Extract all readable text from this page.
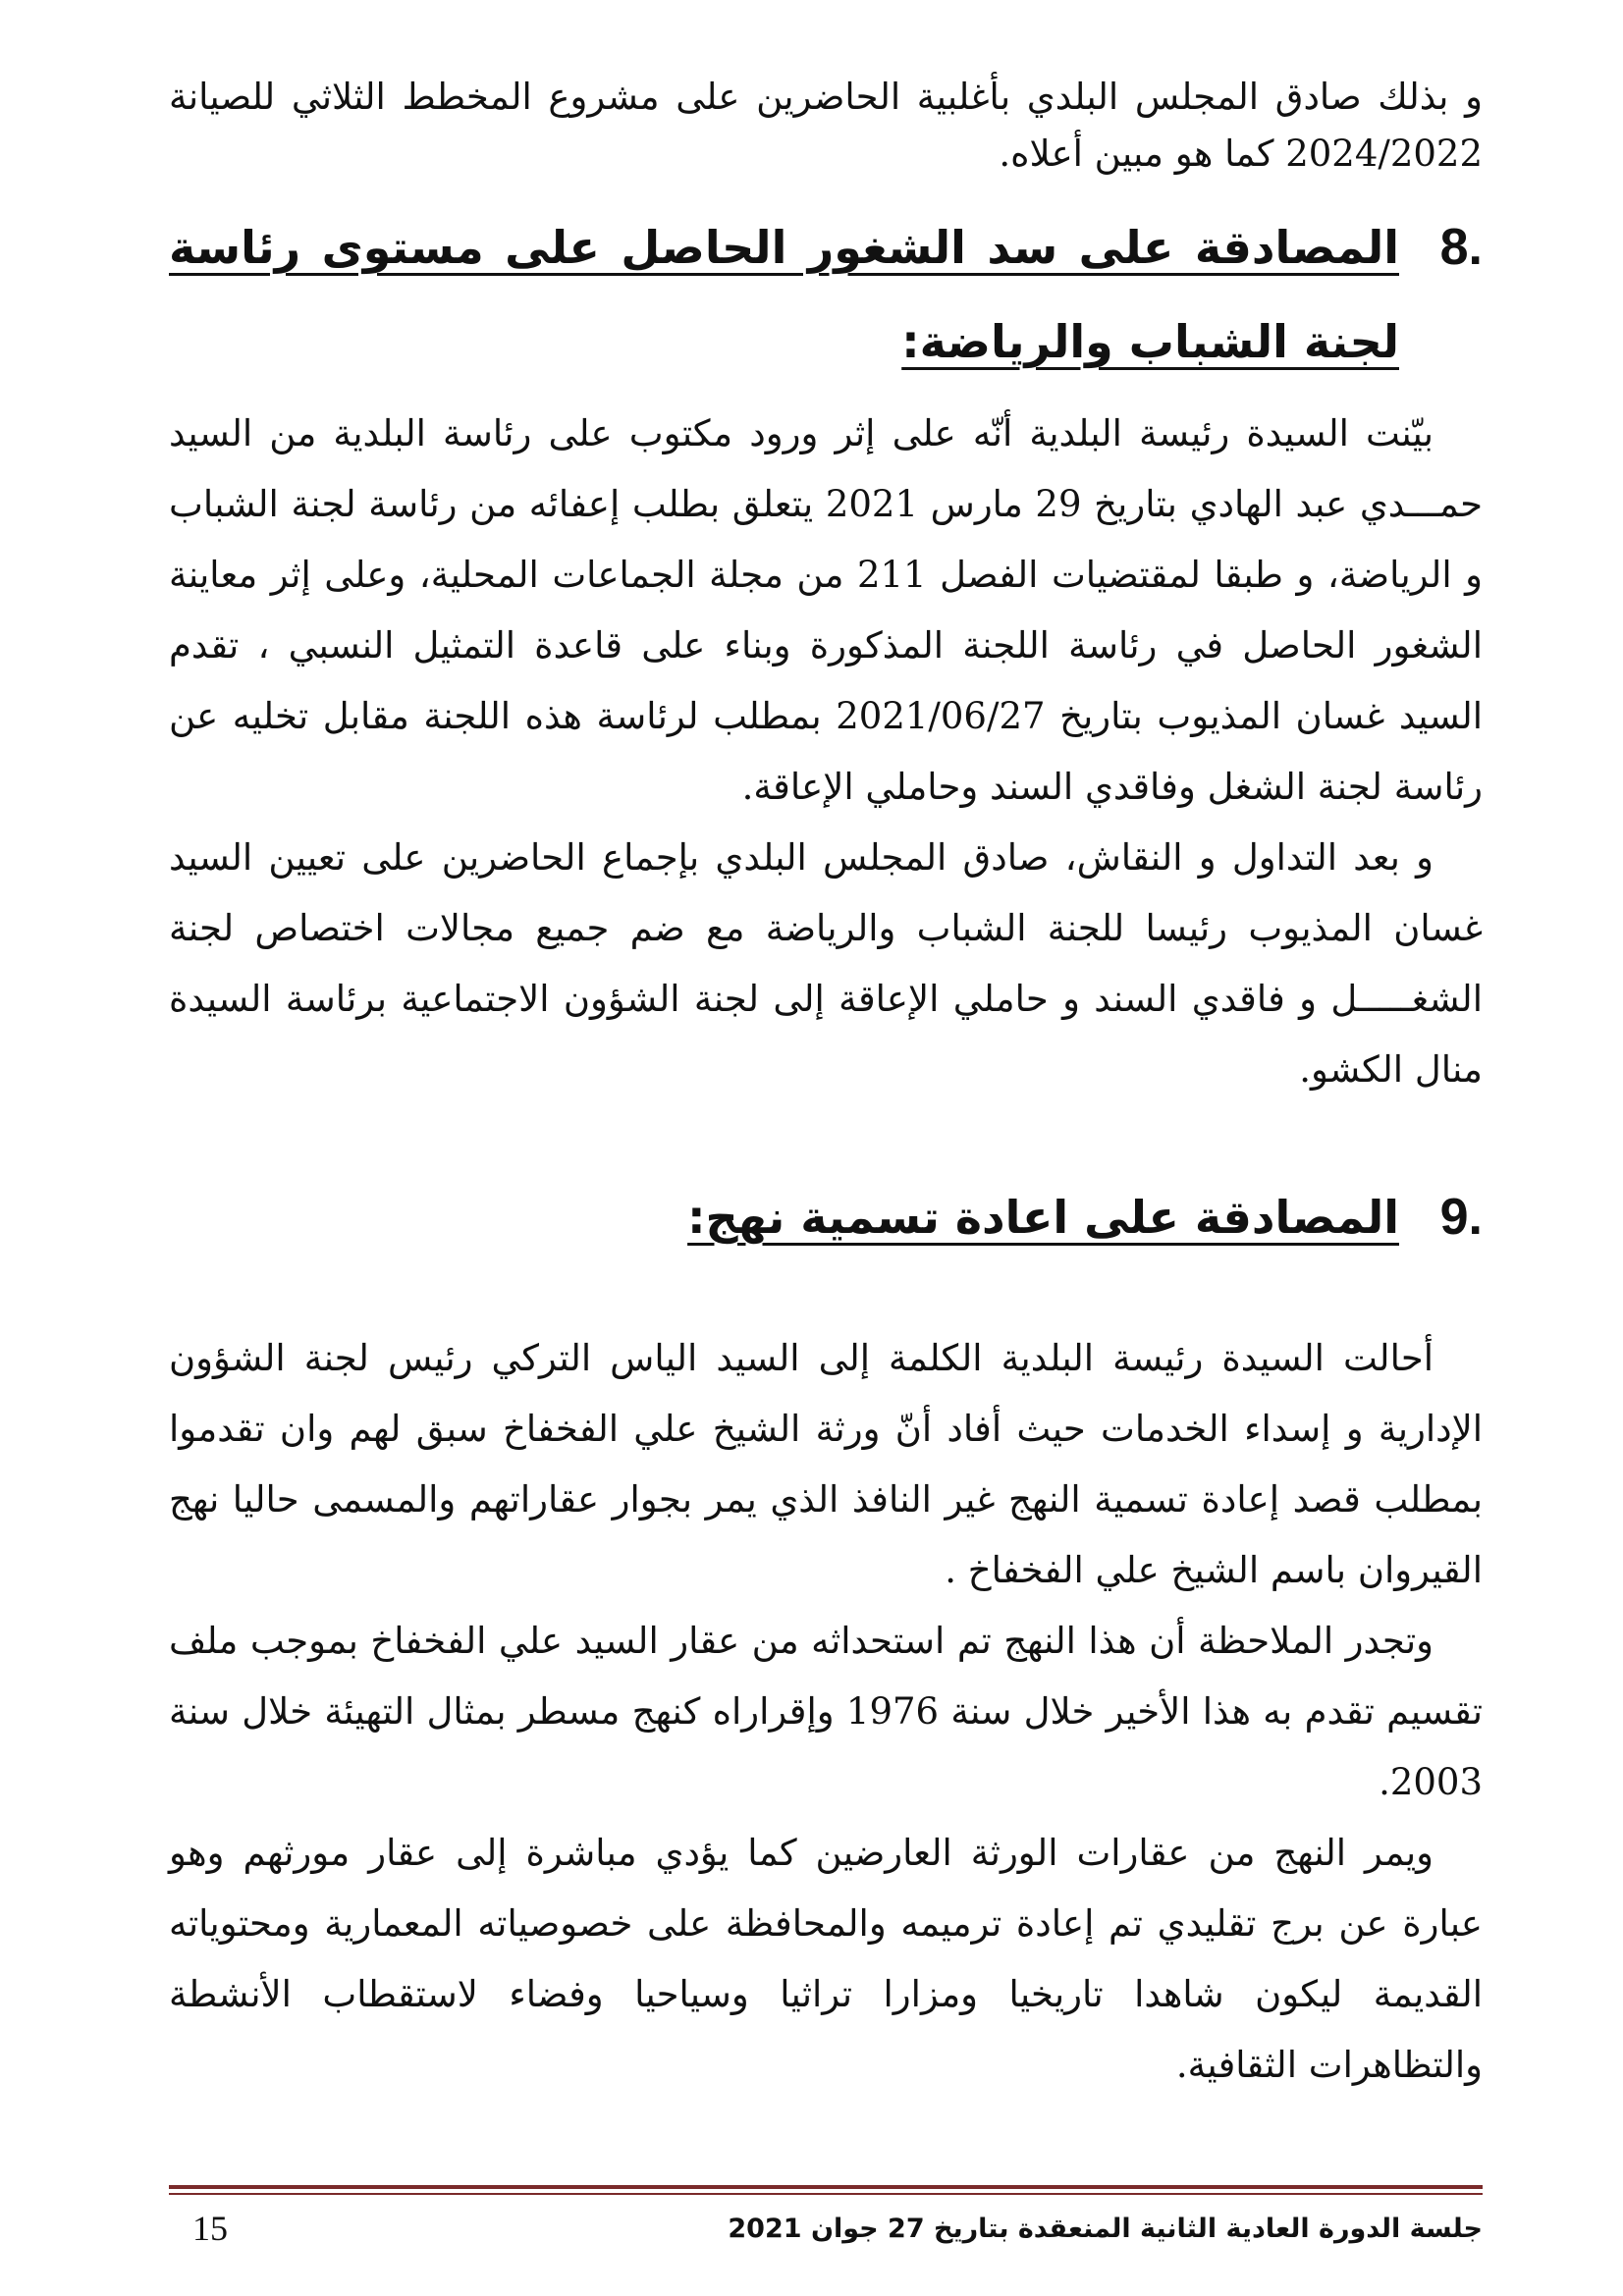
و بذلك صادق المجلس البلدي بأغلبية الحاضرين على مشروع المخطط الثلاثي للصيانة 2024/2022 كما هو مبين أعلاه.

8.
المصادقة على سد الشغور الحاصل على مستوى رئاسة لجنة الشباب والرياضة:

بيّنت السيدة رئيسة البلدية أنّه على إثر ورود مكتوب على رئاسة البلدية من السيد حمـــدي عبد الهادي بتاريخ 29 مارس 2021 يتعلق بطلب إعفائه من رئاسة لجنة الشباب و الرياضة، و طبقا لمقتضيات الفصل 211 من مجلة الجماعات المحلية، وعلى إثر معاينة الشغور الحاصل في رئاسة اللجنة المذكورة وبناء على قاعدة التمثيل النسبي ، تقدم السيد غسان المذيوب بتاريخ 2021/06/27 بمطلب لرئاسة هذه اللجنة مقابل تخليه عن رئاسة لجنة الشغل وفاقدي السند وحاملي الإعاقة.

و بعد التداول و النقاش، صادق المجلس البلدي بإجماع الحاضرين على تعيين السيد غسان المذيوب رئيسا للجنة الشباب والرياضة مع ضم جميع مجالات اختصاص لجنة الشغـــــل و فاقدي السند و حاملي الإعاقة إلى لجنة الشؤون الاجتماعية برئاسة السيدة منال الكشو.

9.
المصادقة على اعادة تسمية نهج:

أحالت السيدة رئيسة البلدية الكلمة إلى السيد الياس التركي رئيس لجنة الشؤون الإدارية و إسداء الخدمات حيث أفاد أنّ ورثة الشيخ علي الفخفاخ سبق لهم وان تقدموا بمطلب قصد إعادة تسمية النهج غير النافذ الذي يمر بجوار عقاراتهم والمسمى حاليا نهج القيروان باسم الشيخ علي الفخفاخ .

وتجدر الملاحظة أن هذا النهج تم استحداثه من عقار السيد علي الفخفاخ بموجب ملف تقسيم تقدم به هذا الأخير خلال سنة 1976 وإقراراه كنهج مسطر بمثال التهيئة خلال سنة 2003.

ويمر النهج من عقارات الورثة العارضين كما يؤدي مباشرة إلى عقار مورثهم وهو عبارة عن برج تقليدي تم إعادة ترميمه والمحافظة على خصوصياته المعمارية ومحتوياته القديمة ليكون شاهدا تاريخيا ومزارا تراثيا وسياحيا وفضاء لاستقطاب الأنشطة والتظاهرات الثقافية.

15	جلسة الدورة العادية الثانية المنعقدة بتاريخ 27 جوان 2021
